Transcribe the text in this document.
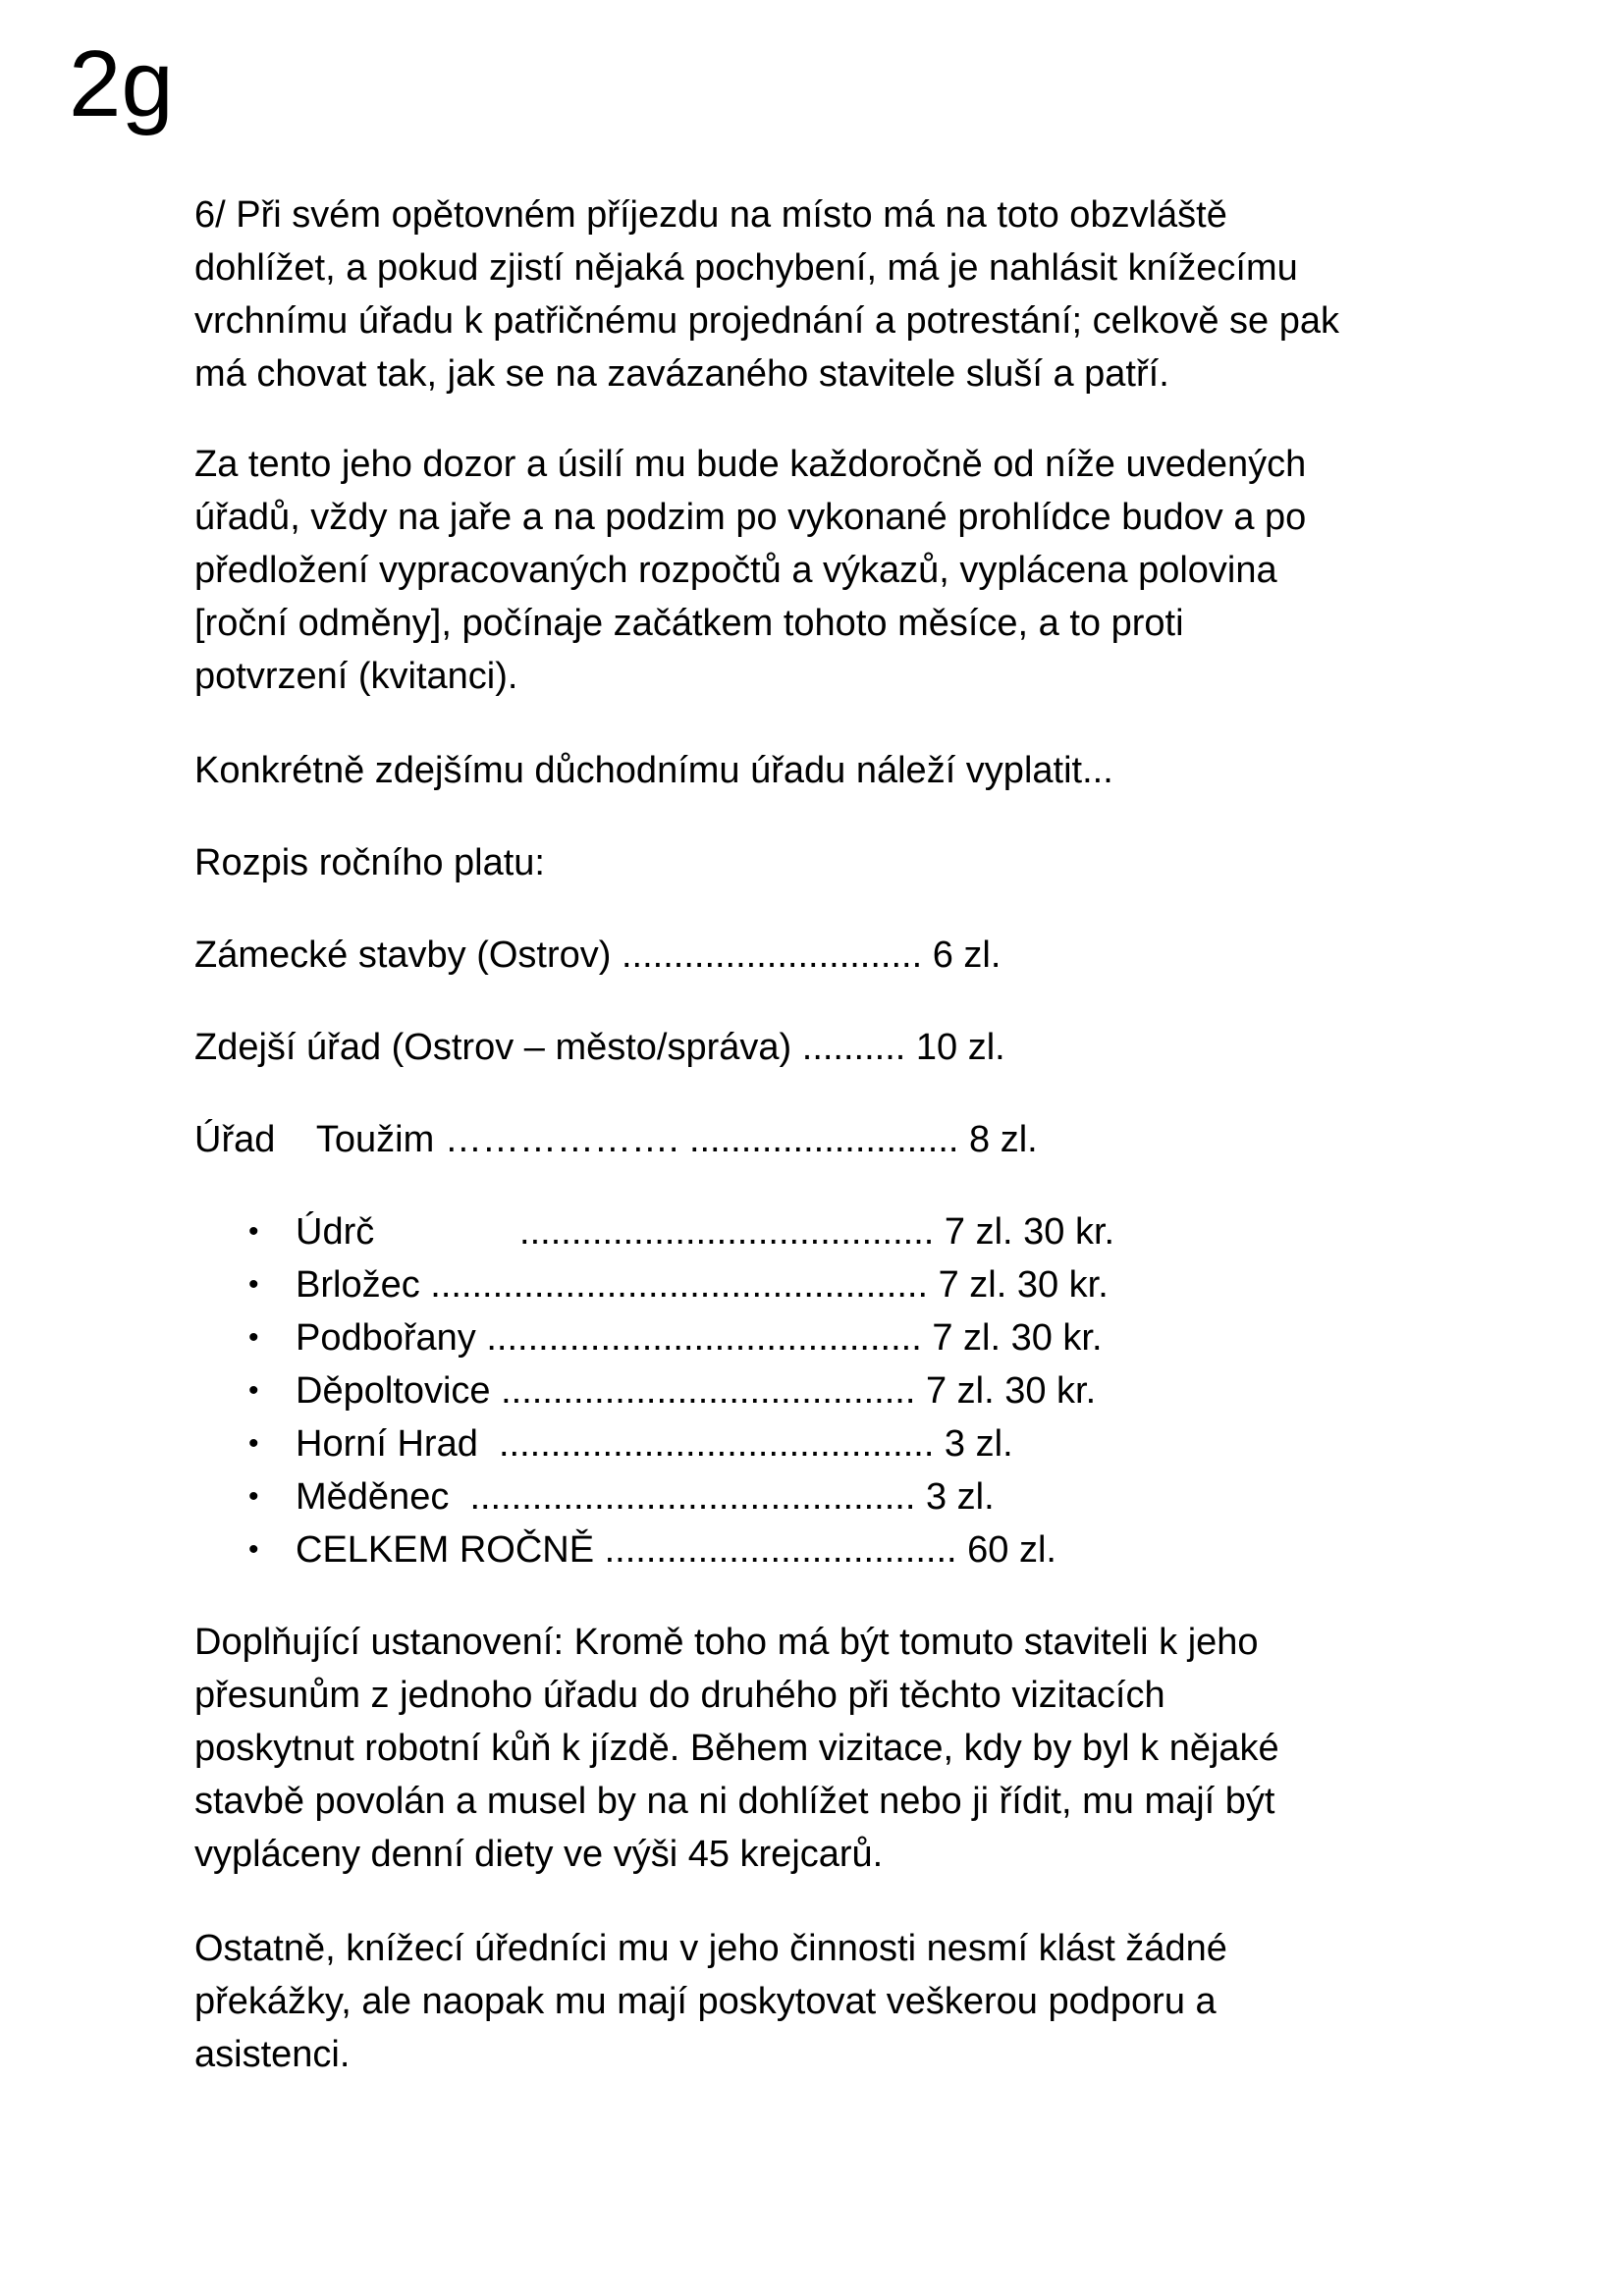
2g

6/ Při svém opětovném příjezdu na místo má na toto obzvláště
dohlížet, a pokud zjistí nějaká pochybení, má je nahlásit knížecímu
vrchnímu úřadu k patřičnému projednání a potrestání; celkově se pak
má chovat tak, jak se na zavázaného stavitele sluší a patří.

Za tento jeho dozor a úsilí mu bude každoročně od níže uvedených
úřadů, vždy na jaře a na podzim po vykonané prohlídce budov a po
předložení vypracovaných rozpočtů a výkazů, vyplácena polovina
[roční odměny], počínaje začátkem tohoto měsíce, a to proti
potvrzení (kvitanci).

Konkrétně zdejšímu důchodnímu úřadu náleží vyplatit...

Rozpis ročního platu:

Zámecké stavby (Ostrov) ............................. 6 zl.

Zdejší úřad (Ostrov – město/správa) .......... 10 zl.

Úřad    Toužim ………………. .......................... 8 zl.

• Údrč              ........................................ 7 zl. 30 kr.
• Brložec ................................................ 7 zl. 30 kr.
• Podbořany .......................................... 7 zl. 30 kr.
• Děpoltovice ........................................ 7 zl. 30 kr.
• Horní Hrad  .......................................... 3 zl.
• Měděnec  ........................................... 3 zl.
• CELKEM ROČNĚ .................................. 60 zl.

Doplňující ustanovení: Kromě toho má být tomuto staviteli k jeho
přesunům z jednoho úřadu do druhého při těchto vizitacích
poskytnut robotní kůň k jízdě. Během vizitace, kdy by byl k nějaké
stavbě povolán a musel by na ni dohlížet nebo ji řídit, mu mají být
vypláceny denní diety ve výši 45 krejcarů.

Ostatně, knížecí úředníci mu v jeho činnosti nesmí klást žádné
překážky, ale naopak mu mají poskytovat veškerou podporu a
asistenci.
